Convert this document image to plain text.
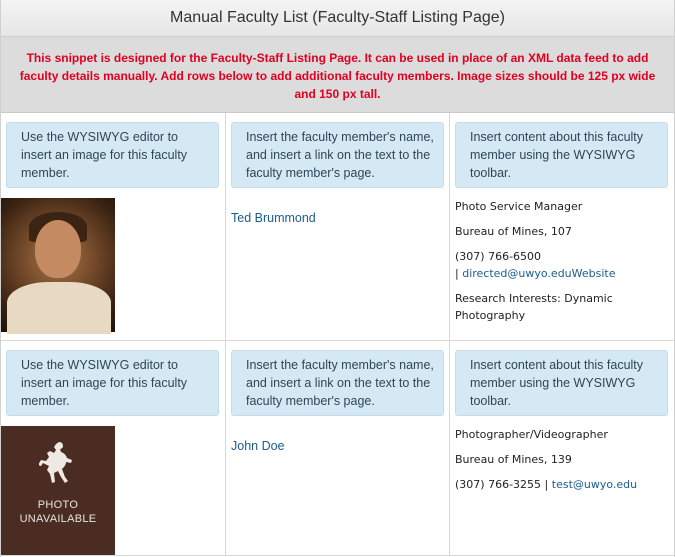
Manual Faculty List (Faculty-Staff Listing Page)
This snippet is designed for the Faculty-Staff Listing Page. It can be used in place of an XML data feed to add faculty details manually. Add rows below to add additional faculty members. Image sizes should be 125 px wide and 150 px tall.
Use the WYSIWYG editor to insert an image for this faculty member.
Insert the faculty member's name, and insert a link on the text to the faculty member's page.
Ted Brummond
Insert content about this faculty member using the WYSIWYG toolbar.

Photo Service Manager

Bureau of Mines, 107

(307) 766-6500

| directed@uwyo.eduWebsite

Research Interests: Dynamic Photography

Use the WYSIWYG editor to insert an image for this faculty member.
PHOTO
UNAVAILABLE
Insert the faculty member's name, and insert a link on the text to the faculty member's page.
John Doe
Insert content about this faculty member using the WYSIWYG toolbar.

Photographer/Videographer

Bureau of Mines, 139

(307) 766-3255 | test@uwyo.edu
